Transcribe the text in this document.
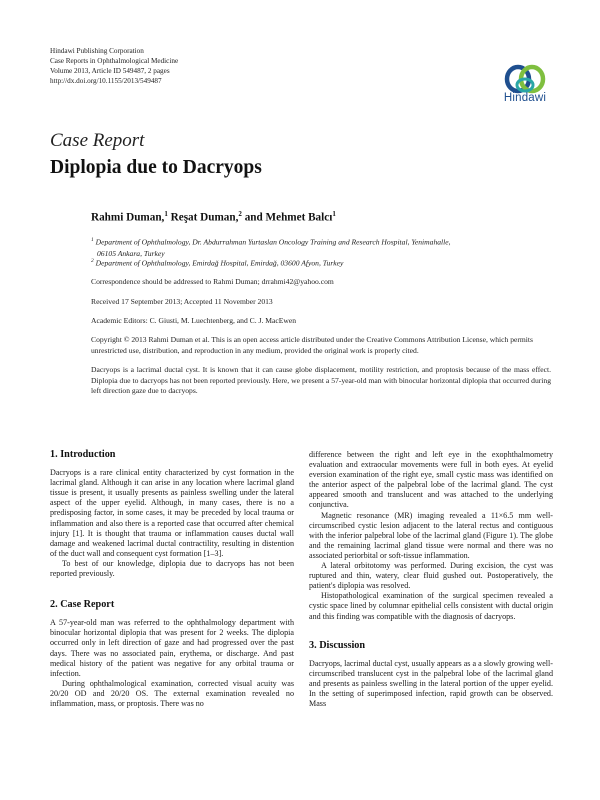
Hindawi Publishing Corporation
Case Reports in Ophthalmological Medicine
Volume 2013, Article ID 549487, 2 pages
http://dx.doi.org/10.1155/2013/549487
Hindawi
Case Report
Diplopia due to Dacryops
Rahmi Duman,$^1$ Reşat Duman,$^2$ and Mehmet Balcı$^1$
$^1$ Department of Ophthalmology, Dr. Abdurrahman Yurtaslan Oncology Training and Research Hospital, Yenimahalle,
06105 Ankara, Turkey
$^2$ Department of Ophthalmology, Emirdağ Hospital, Emirdağ, 03600 Afyon, Turkey
Correspondence should be addressed to Rahmi Duman; drrahmi42@yahoo.com
Received 17 September 2013; Accepted 11 November 2013
Academic Editors: C. Giusti, M. Luechtenberg, and C. J. MacEwen
Copyright © 2013 Rahmi Duman et al. This is an open access article distributed under the Creative Commons Attribution License, which permits unrestricted use, distribution, and reproduction in any medium, provided the original work is properly cited.
Dacryops is a lacrimal ductal cyst. It is known that it can cause globe displacement, motility restriction, and proptosis because of the mass effect. Diplopia due to dacryops has not been reported previously. Here, we present a 57-year-old man with binocular horizontal diplopia that occurred during left direction gaze due to dacryops.
1. Introduction

Dacryops is a rare clinical entity characterized by cyst formation in the lacrimal gland. Although it can arise in any location where lacrimal gland tissue is present, it usually presents as painless swelling under the lateral aspect of the upper eyelid. Although, in many cases, there is no a predisposing factor, in some cases, it may be preceded by local trauma or inflammation and also there is a reported case that occurred after chemical injury [1]. It is thought that trauma or inflammation causes ductal wall damage and weakened lacrimal ductal contractility, resulting in distention of the duct wall and consequent cyst formation [1–3].

To best of our knowledge, diplopia due to dacryops has not been reported previously.

2. Case Report

A 57-year-old man was referred to the ophthalmology department with binocular horizontal diplopia that was present for 2 weeks. The diplopia occurred only in left direction of gaze and had progressed over the past days. There was no associated pain, erythema, or discharge. And past medical history of the patient was negative for any orbital trauma or infection.

During ophthalmological examination, corrected visual acuity was 20/20 OD and 20/20 OS. The external examination revealed no inflammation, mass, or proptosis. There was no

difference between the right and left eye in the exophthalmometry evaluation and extraocular movements were full in both eyes. At eyelid eversion examination of the right eye, small cystic mass was identified on the anterior aspect of the palpebral lobe of the lacrimal gland. The cyst appeared smooth and translucent and was attached to the underlying conjunctiva.

Magnetic resonance (MR) imaging revealed a 11×6.5 mm well-circumscribed cystic lesion adjacent to the lateral rectus and contiguous with the inferior palpebral lobe of the lacrimal gland (Figure 1). The globe and the remaining lacrimal gland tissue were normal and there was no associated periorbital or soft-tissue inflammation.

A lateral orbitotomy was performed. During excision, the cyst was ruptured and thin, watery, clear fluid gushed out. Postoperatively, the patient's diplopia was resolved.

Histopathological examination of the surgical specimen revealed a cystic space lined by columnar epithelial cells consistent with ductal origin and this finding was compatible with the diagnosis of dacryops.

3. Discussion

Dacryops, lacrimal ductal cyst, usually appears as a a slowly growing well-circumscribed translucent cyst in the palpebral lobe of the lacrimal gland and presents as painless swelling in the lateral portion of the upper eyelid. In the setting of superimposed infection, rapid growth can be observed. Mass
